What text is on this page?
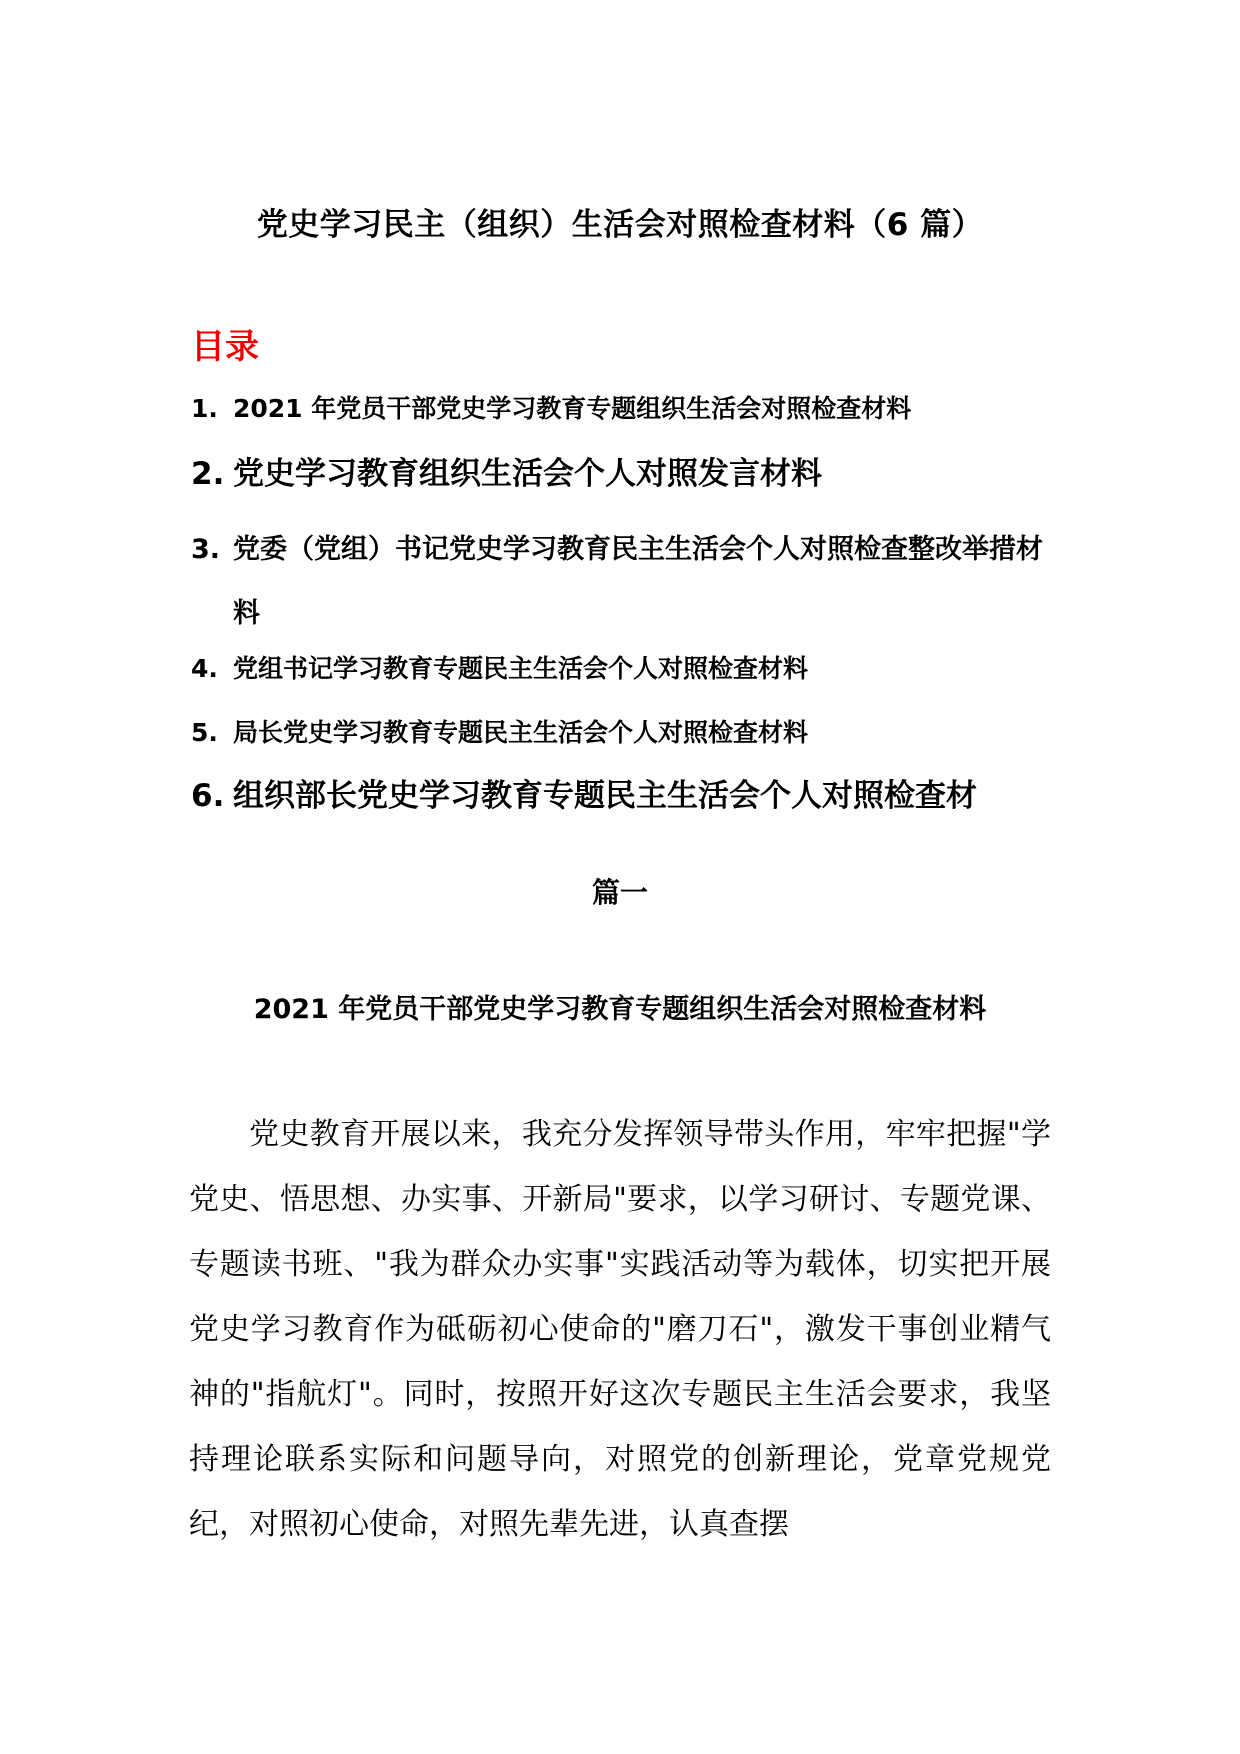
党史学习民主（组织）生活会对照检查材料（6 篇）
目录
1. 2021 年党员干部党史学习教育专题组织生活会对照检查材料
2. 党史学习教育组织生活会个人对照发言材料
3. 党委（党组）书记党史学习教育民主生活会个人对照检查整改举措材料
4. 党组书记学习教育专题民主生活会个人对照检查材料
5. 局长党史学习教育专题民主生活会个人对照检查材料
6. 组织部长党史学习教育专题民主生活会个人对照检查材
篇一
2021 年党员干部党史学习教育专题组织生活会对照检查材料

党史教育开展以来，我充分发挥领导带头作用，牢牢把握"学党史、悟思想、办实事、开新局"要求，以学习研讨、专题党课、专题读书班、"我为群众办实事"实践活动等为载体，切实把开展党史学习教育作为砥砺初心使命的"磨刀石"，激发干事创业精气神的"指航灯"。同时，按照开好这次专题民主生活会要求，我坚持理论联系实际和问题导向，对照党的创新理论，党章党规党纪，对照初心使命，对照先辈先进，认真查摆
